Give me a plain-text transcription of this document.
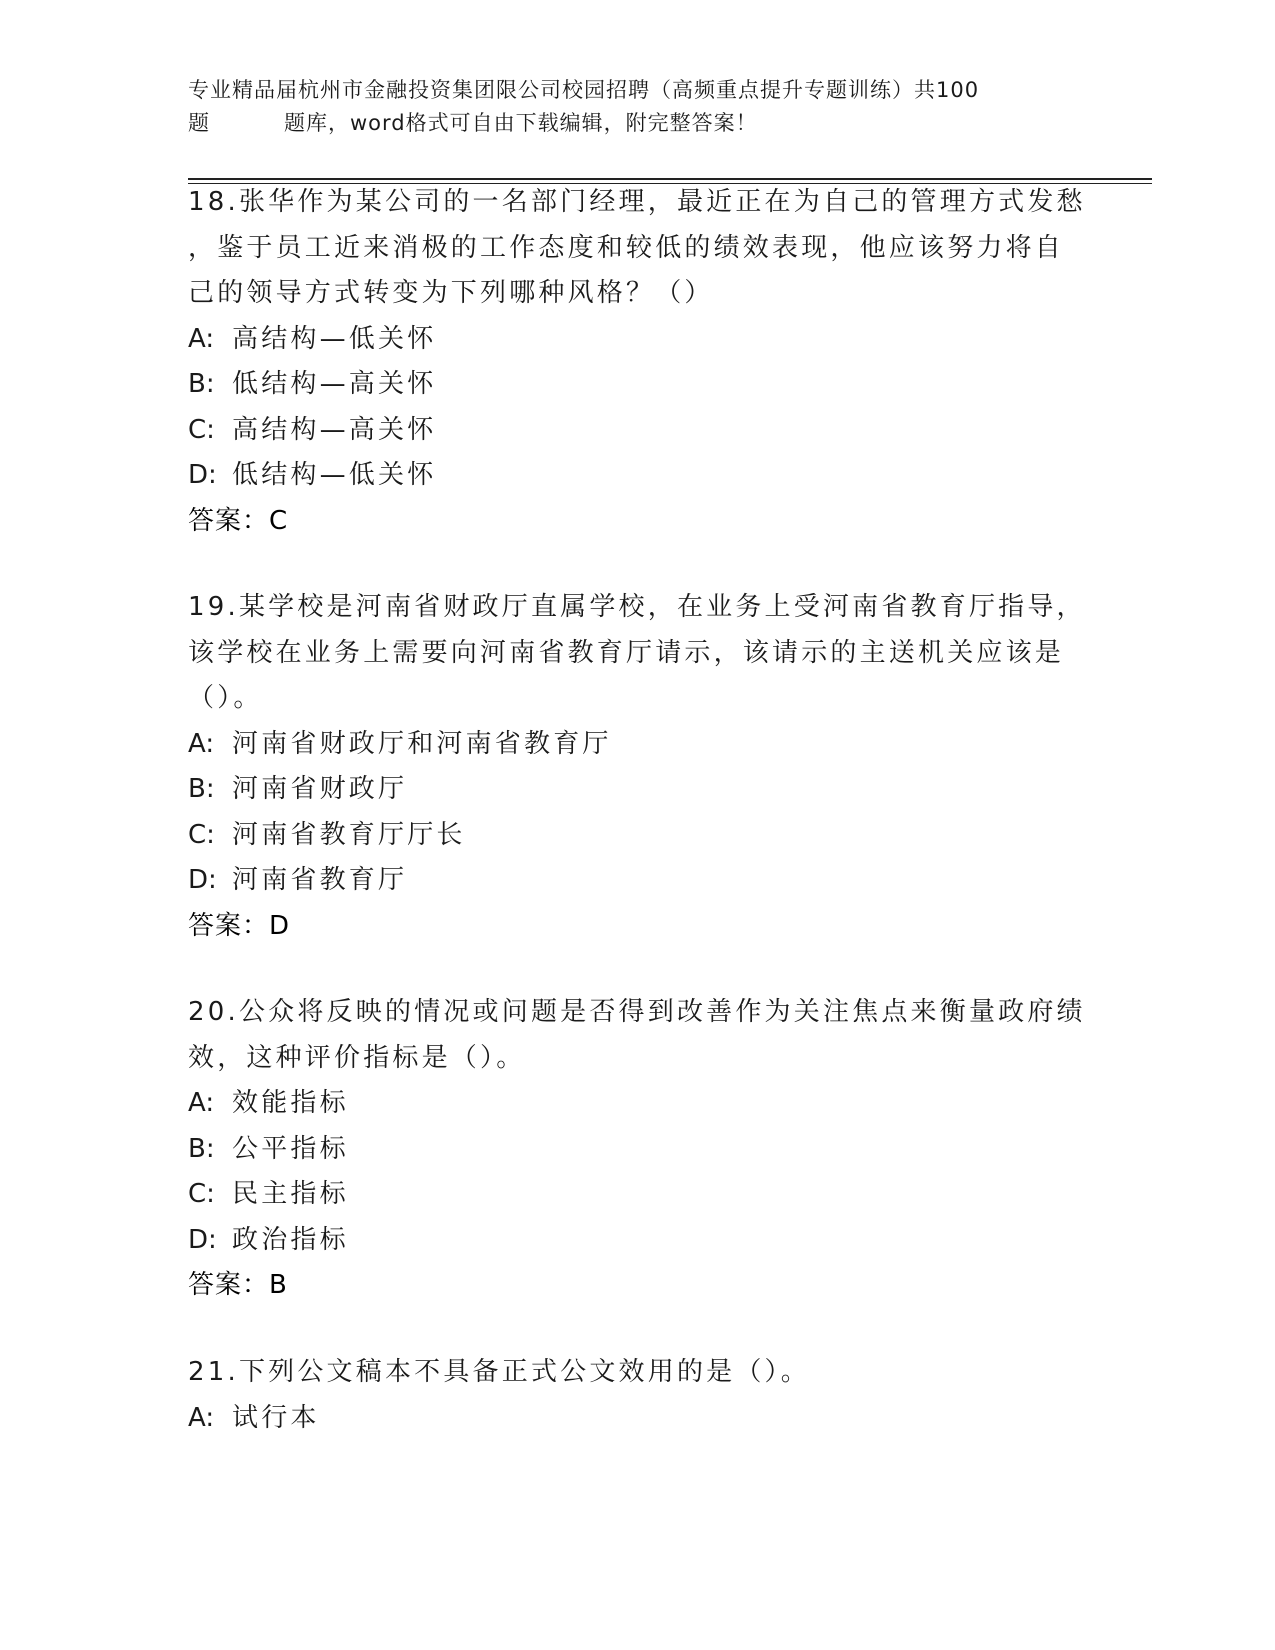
专业精品届杭州市金融投资集团限公司校园招聘（高频重点提升专题训练）共100
题	题库，word格式可自由下载编辑，附完整答案！
18.张华作为某公司的一名部门经理，最近正在为自己的管理方式发愁
，鉴于员工近来消极的工作态度和较低的绩效表现，他应该努力将自
己的领导方式转变为下列哪种风格？（）
A: 高结构—低关怀
B: 低结构—高关怀
C: 高结构—高关怀
D: 低结构—低关怀
答案：C
19.某学校是河南省财政厅直属学校，在业务上受河南省教育厅指导，
该学校在业务上需要向河南省教育厅请示，该请示的主送机关应该是
（）。
A: 河南省财政厅和河南省教育厅
B: 河南省财政厅
C: 河南省教育厅厅长
D: 河南省教育厅
答案：D
20.公众将反映的情况或问题是否得到改善作为关注焦点来衡量政府绩
效，这种评价指标是（）。
A: 效能指标
B: 公平指标
C: 民主指标
D: 政治指标
答案：B
21.下列公文稿本不具备正式公文效用的是（）。
A: 试行本
